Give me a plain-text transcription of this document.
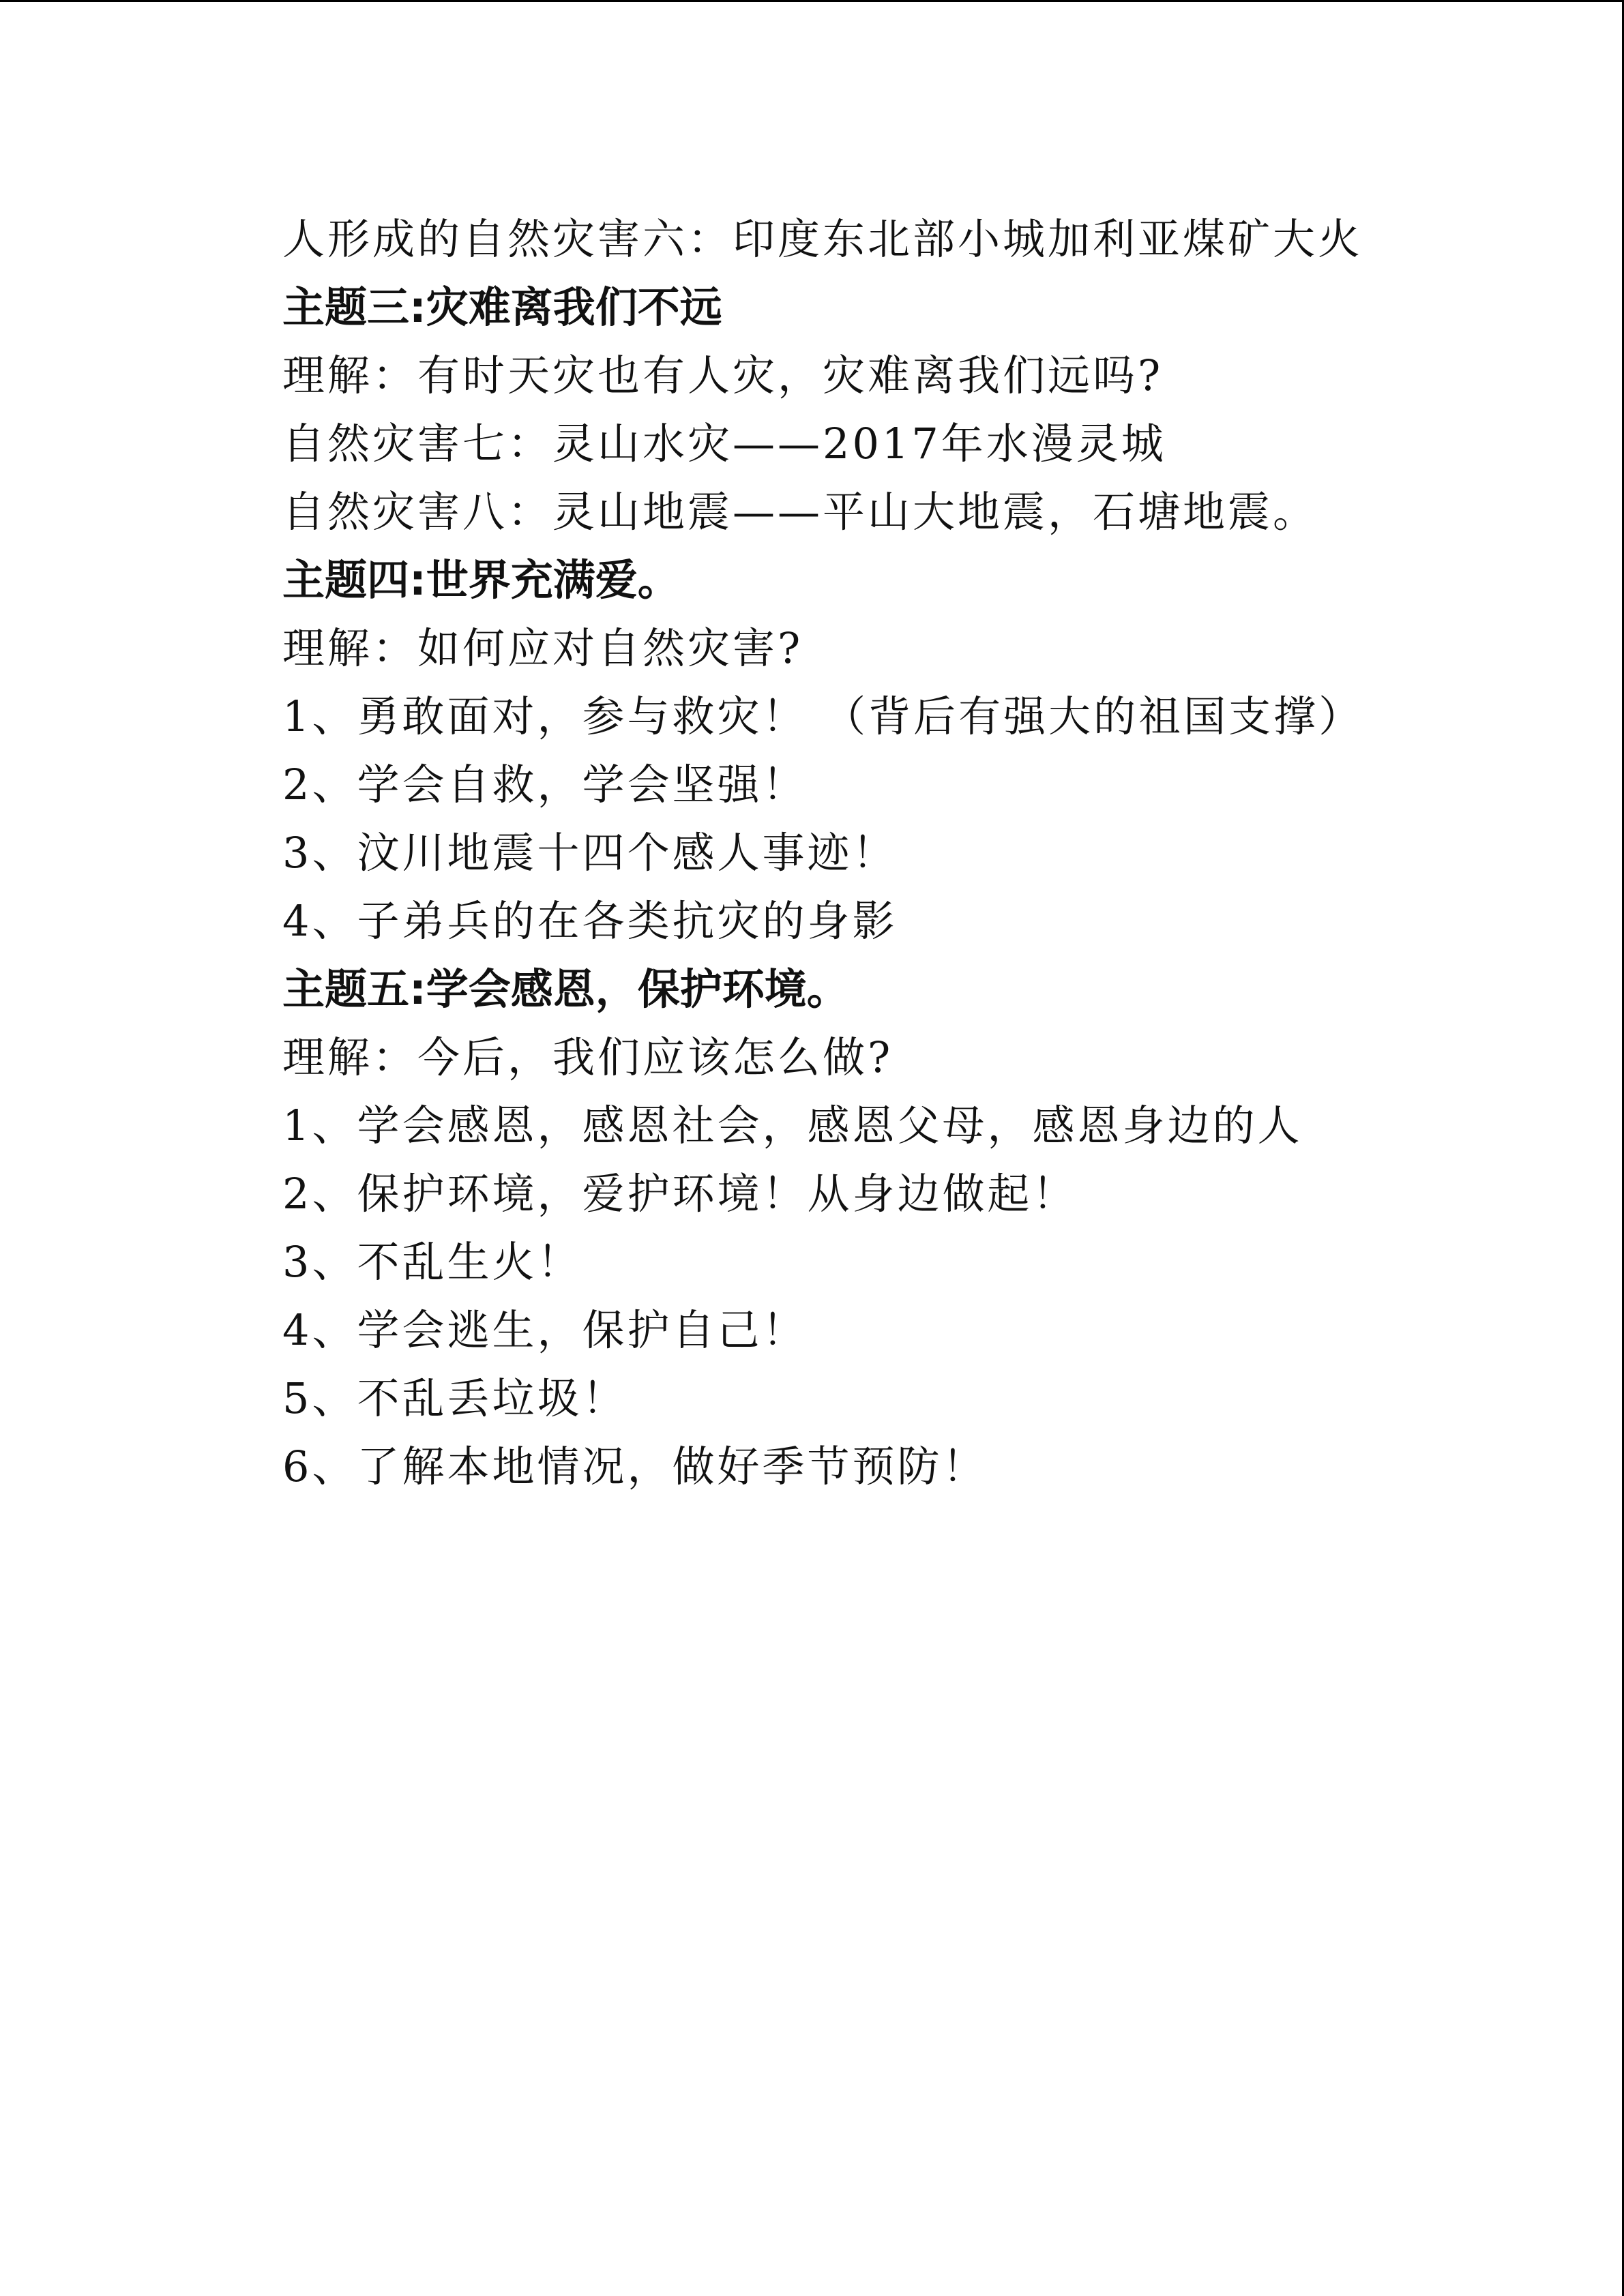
人形成的自然灾害六：印度东北部小城加利亚煤矿大火
主题三:灾难离我们不远
理解：有时天灾也有人灾，灾难离我们远吗?
自然灾害七：灵山水灾——2017年水漫灵城
自然灾害八：灵山地震——平山大地震，石塘地震。
主题四:世界充满爱。
理解：如何应对自然灾害?
1、勇敢面对，参与救灾！ （背后有强大的祖国支撑）
2、学会自救，学会坚强！
3、汶川地震十四个感人事迹！
4、子弟兵的在各类抗灾的身影
主题五:学会感恩，保护环境。
理解：今后，我们应该怎么做?
1、学会感恩，感恩社会，感恩父母，感恩身边的人
2、保护环境，爱护环境！从身边做起！
3、不乱生火！
4、学会逃生，保护自己！
5、不乱丢垃圾！
6、了解本地情况，做好季节预防！
